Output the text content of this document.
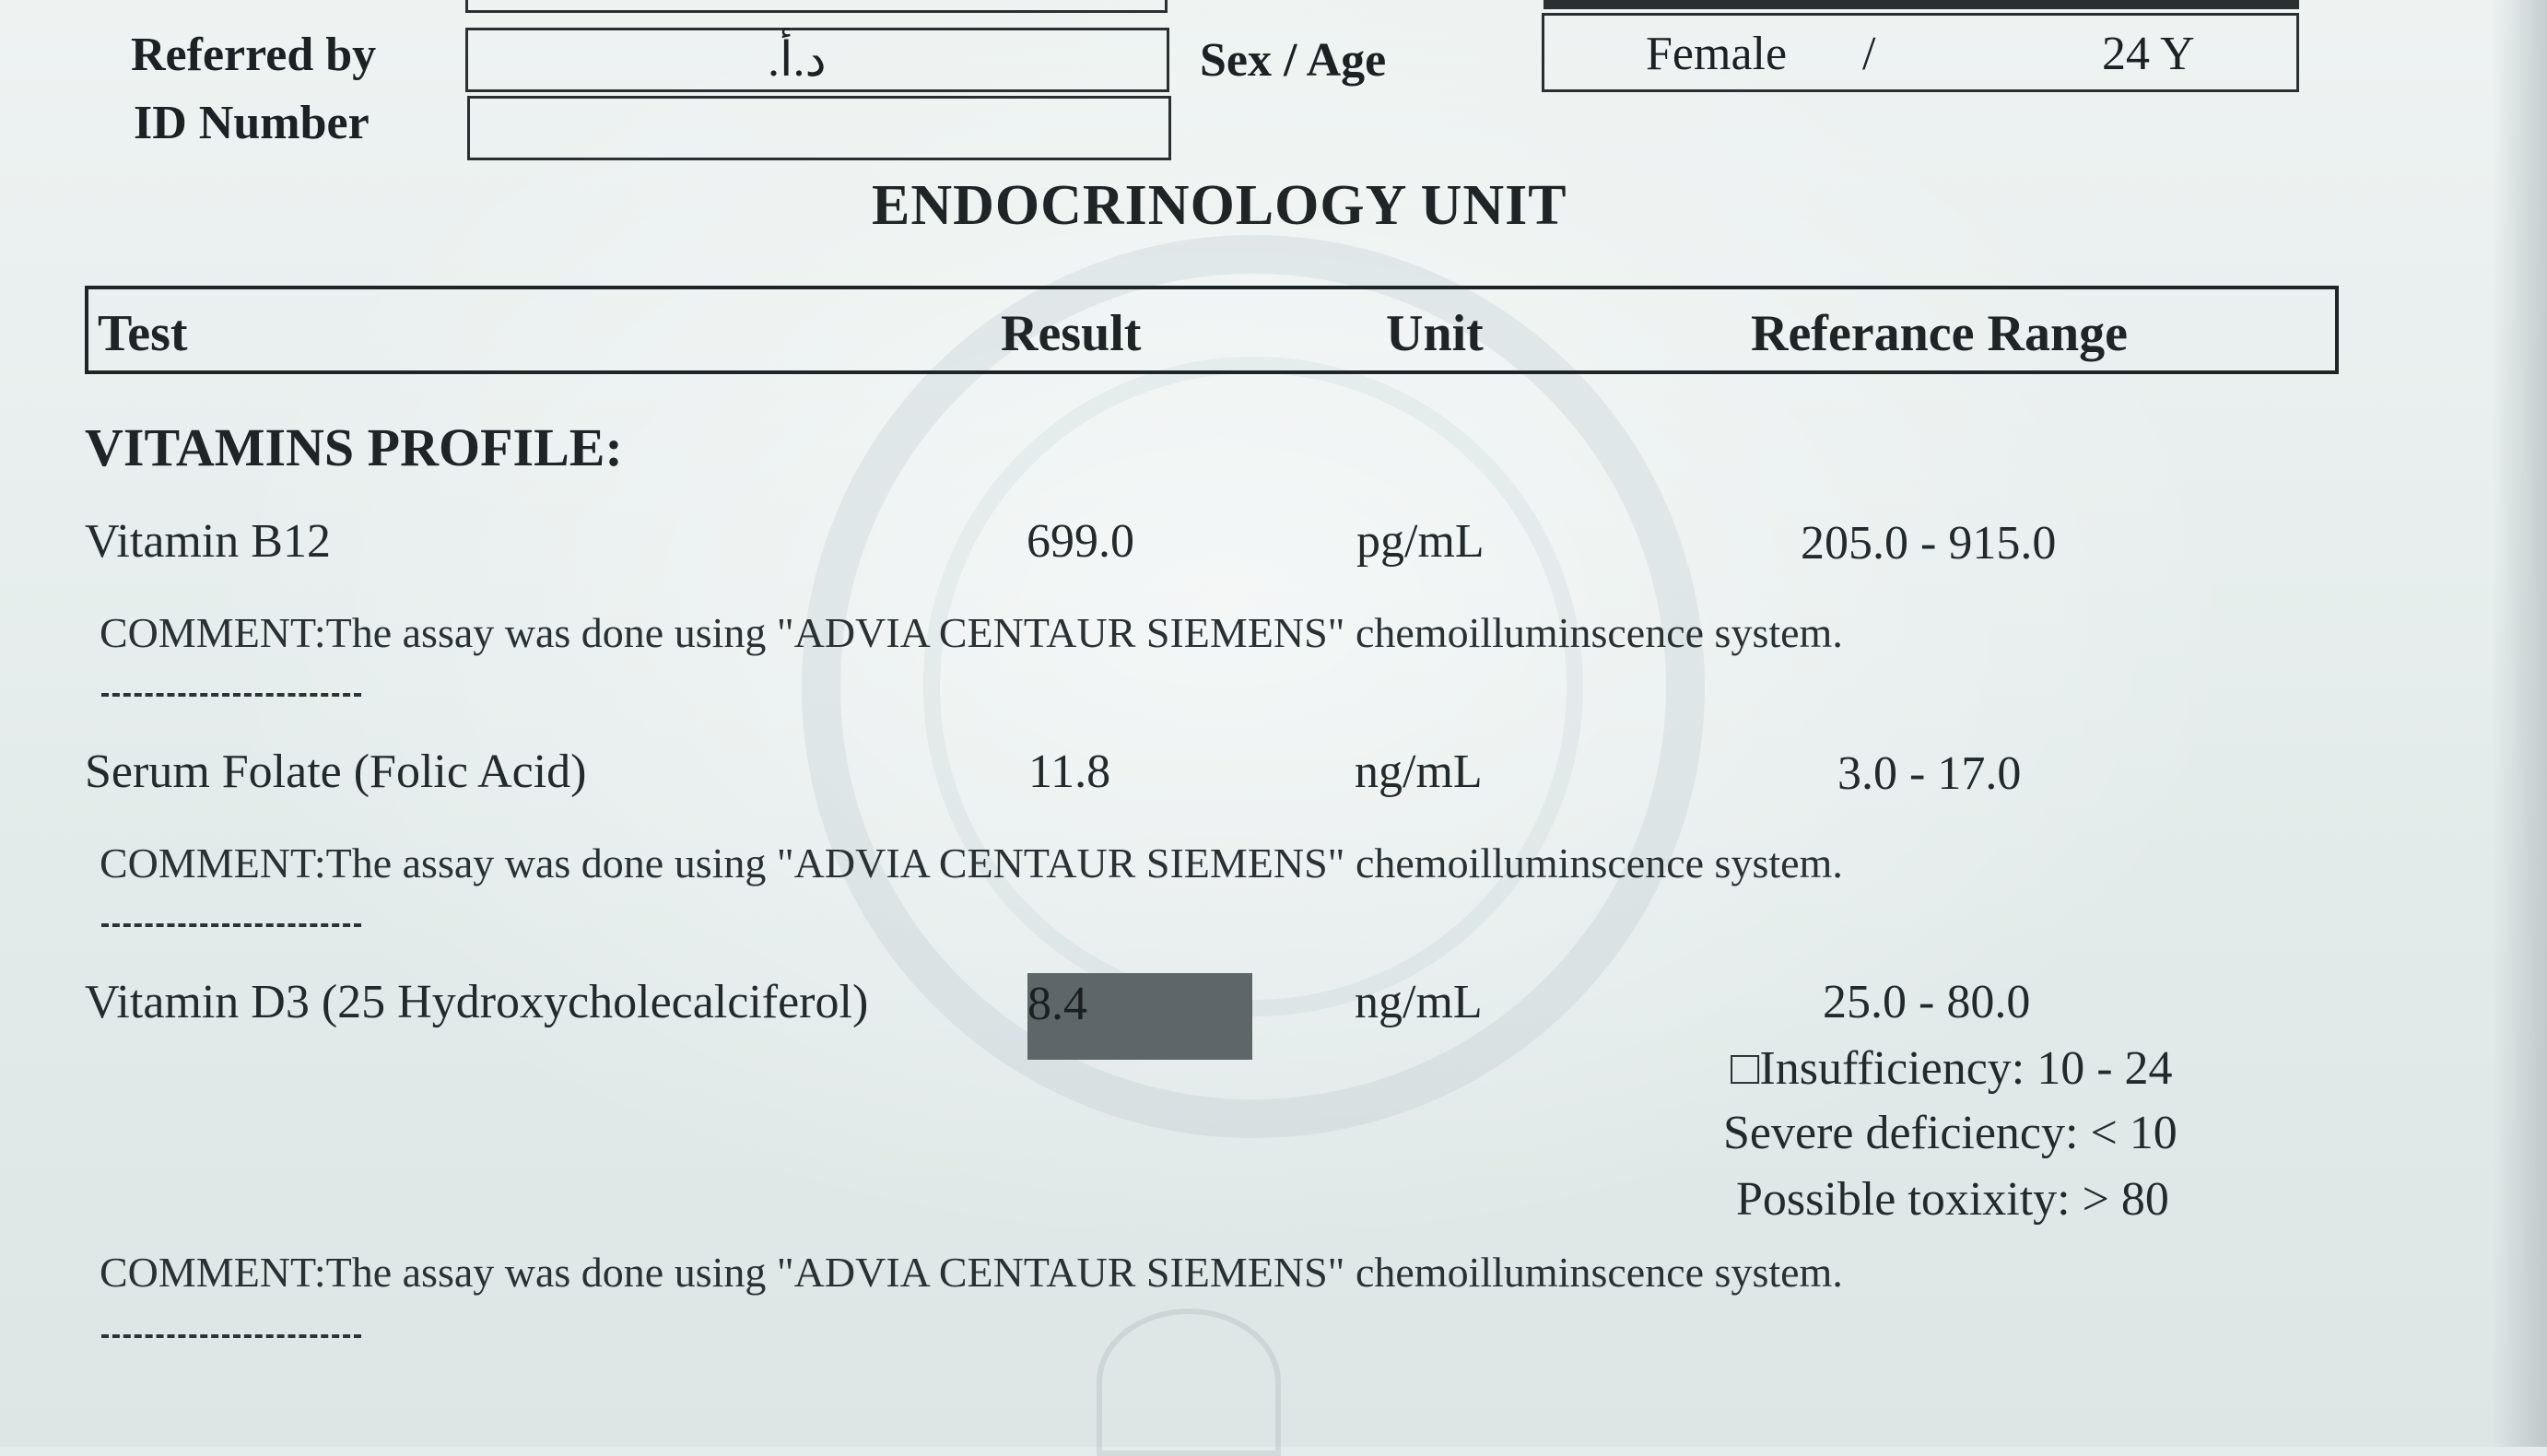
Referred by	د.أ.
ID Number
Sex / Age	Female /	24 Y
ENDOCRINOLOGY UNIT
Test	Result	Unit	Referance Range
VITAMINS PROFILE:
Vitamin B12	699.0	pg/mL	205.0 - 915.0
COMMENT:The assay was done using "ADVIA CENTAUR SIEMENS" chemoilluminscence system.
Serum Folate (Folic Acid)	11.8	ng/mL	3.0 - 17.0
COMMENT:The assay was done using "ADVIA CENTAUR SIEMENS" chemoilluminscence system.
Vitamin D3 (25 Hydroxycholecalciferol)	8.4	ng/mL	25.0 - 80.0
□Insufficiency: 10 - 24
Severe deficiency: < 10
Possible toxixity: > 80
COMMENT:The assay was done using "ADVIA CENTAUR SIEMENS" chemoilluminscence system.
